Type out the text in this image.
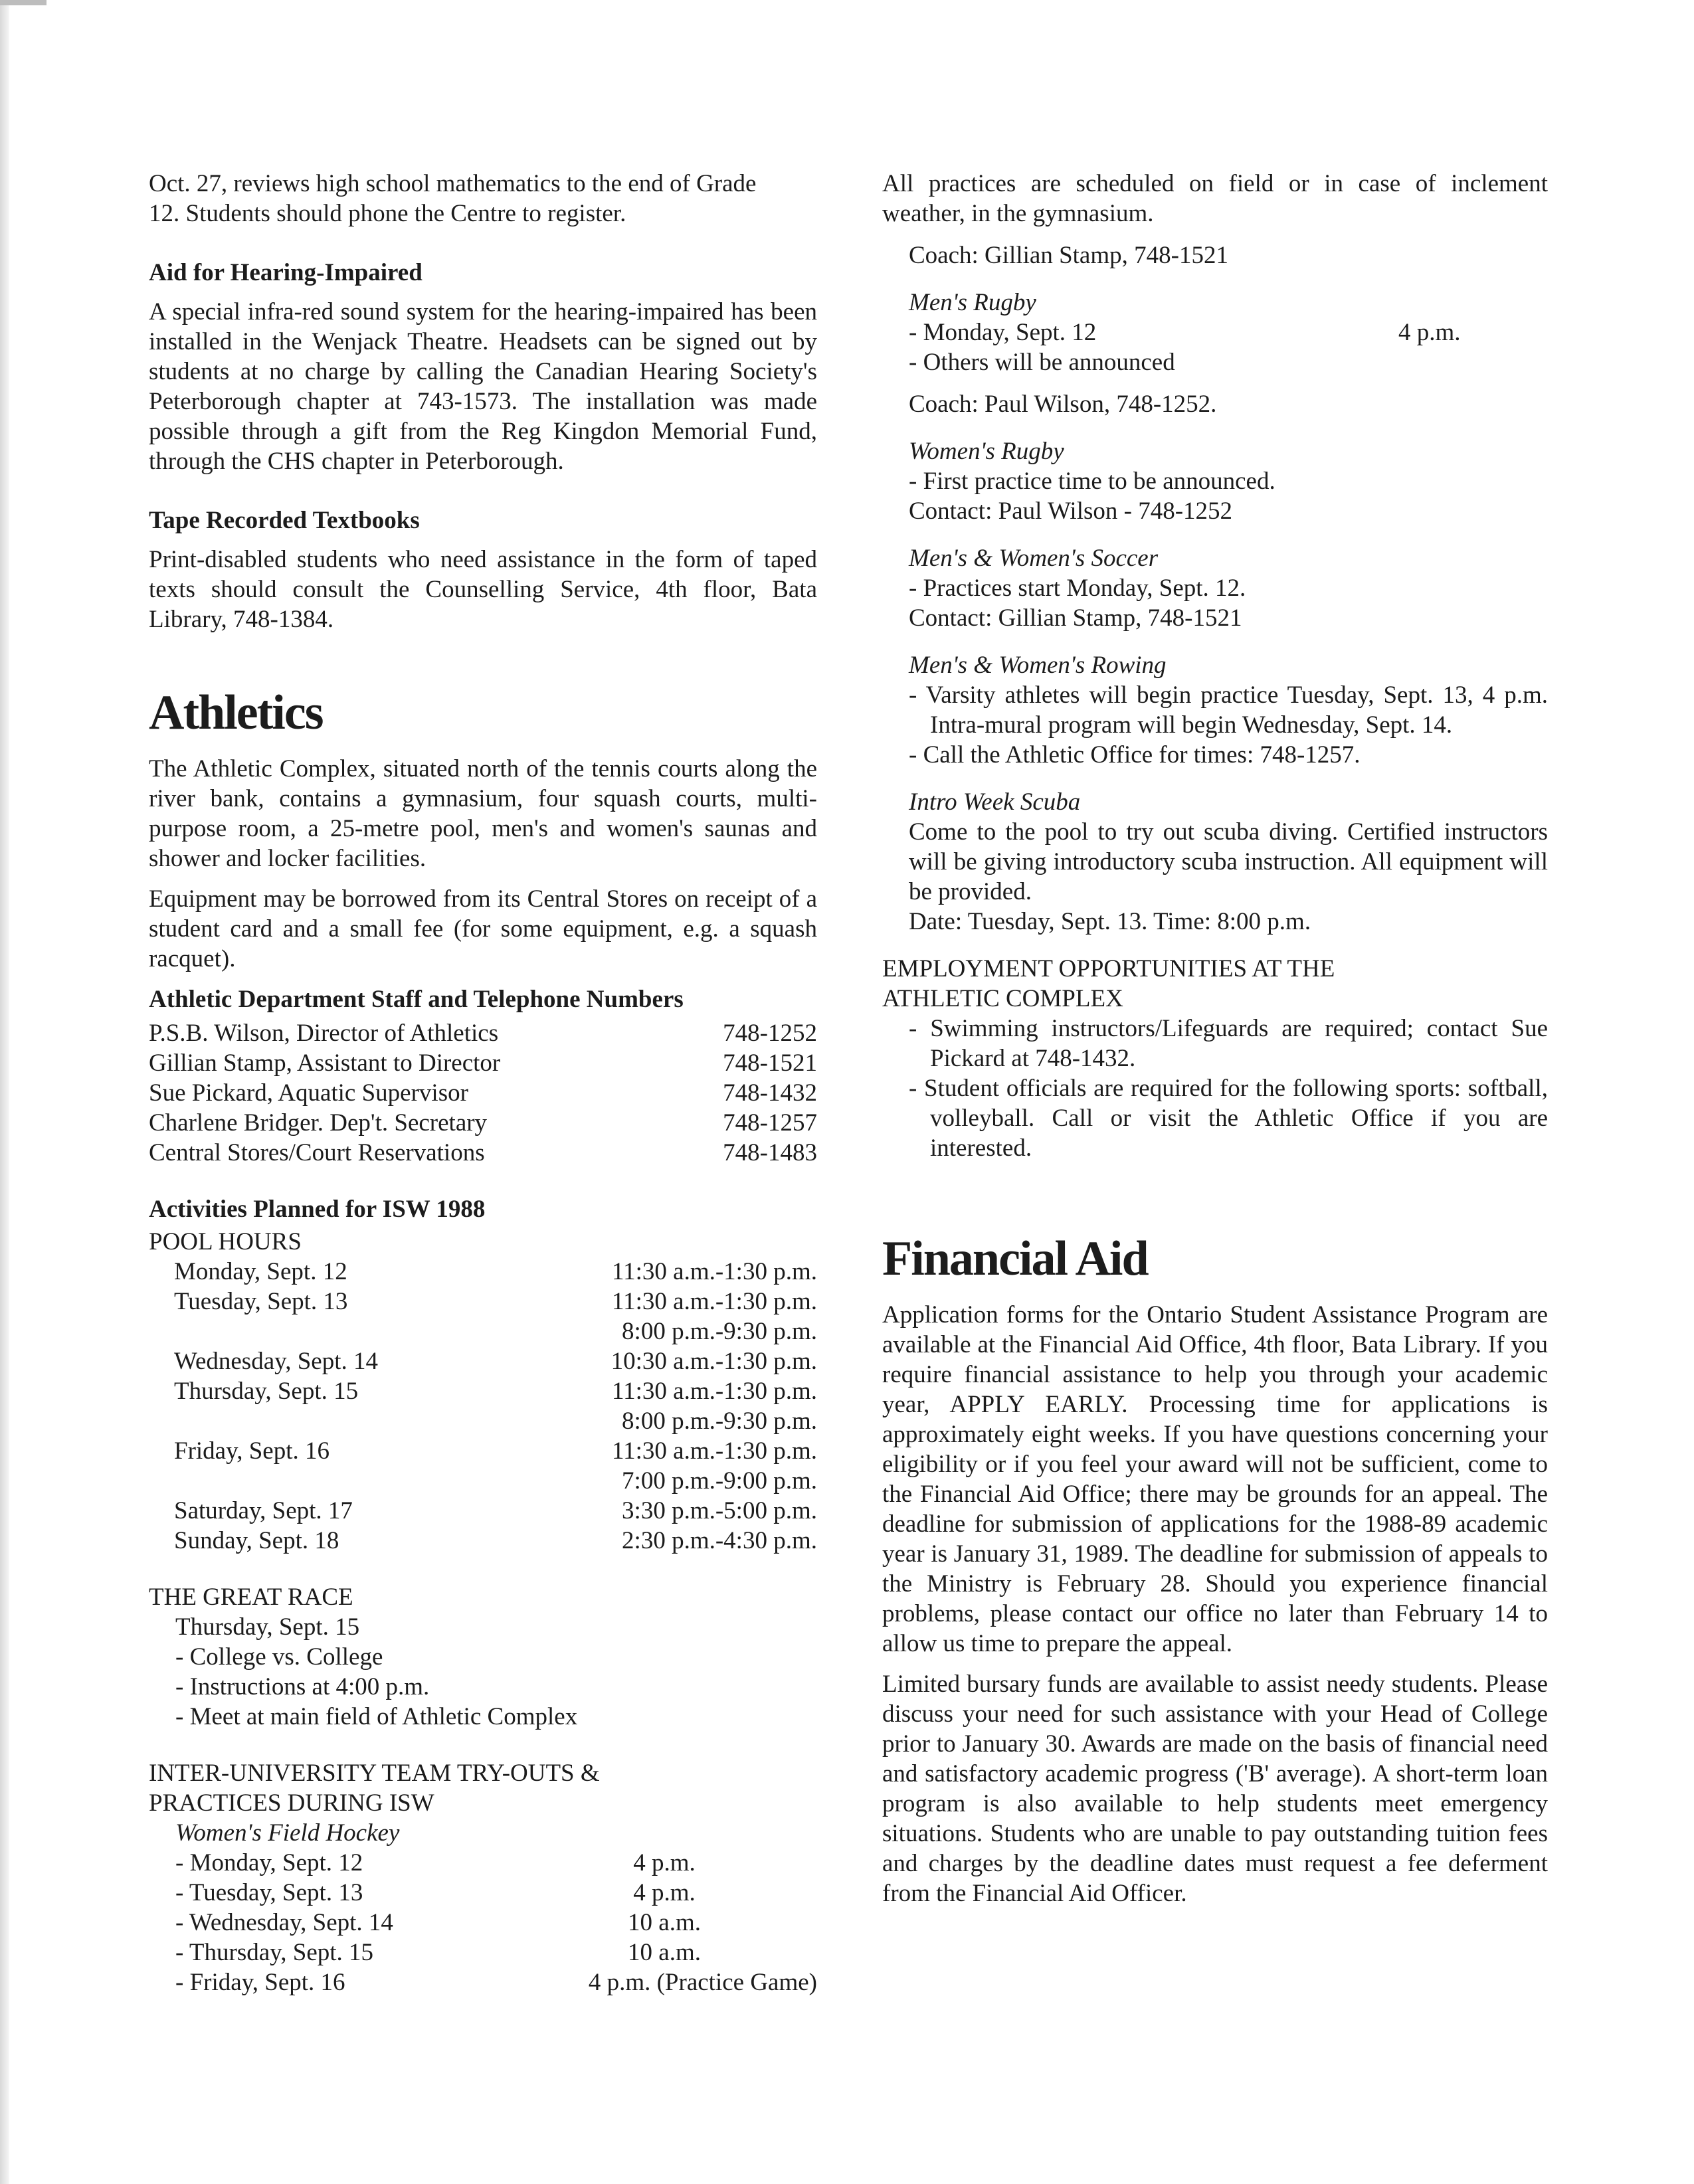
Oct. 27, reviews high school mathematics to the end of Grade

12. Students should phone the Centre to register.

Aid for Hearing-Impaired

A special infra-red sound system for the hearing-impaired has been installed in the Wenjack Theatre. Headsets can be signed out by students at no charge by calling the Canadian Hearing Society's Peterborough chapter at 743-1573. The installation was made possible through a gift from the Reg Kingdon Memorial Fund, through the CHS chapter in Peterborough.

Tape Recorded Textbooks

Print-disabled students who need assistance in the form of taped texts should consult the Counselling Service, 4th floor, Bata Library, 748-1384.

Athletics

The Athletic Complex, situated north of the tennis courts along the river bank, contains a gymnasium, four squash courts, multi-purpose room, a 25-metre pool, men's and women's saunas and shower and locker facilities.

Equipment may be borrowed from its Central Stores on receipt of a student card and a small fee (for some equipment, e.g. a squash racquet).

Athletic Department Staff and Telephone Numbers
P.S.B. Wilson, Director of Athletics	748-1252
Gillian Stamp, Assistant to Director	748-1521
Sue Pickard, Aquatic Supervisor	748-1432
Charlene Bridger. Dep't. Secretary	748-1257
Central Stores/Court Reservations	748-1483
Activities Planned for ISW 1988

POOL HOURS

Monday, Sept. 12	11:30 a.m.-1:30 p.m.
Tuesday, Sept. 13	11:30 a.m.-1:30 p.m.
8:00 p.m.-9:30 p.m.
Wednesday, Sept. 14	10:30 a.m.-1:30 p.m.
Thursday, Sept. 15	11:30 a.m.-1:30 p.m.
8:00 p.m.-9:30 p.m.
Friday, Sept. 16	11:30 a.m.-1:30 p.m.
7:00 p.m.-9:00 p.m.
Saturday, Sept. 17	3:30 p.m.-5:00 p.m.
Sunday, Sept. 18	2:30 p.m.-4:30 p.m.

THE GREAT RACE

Thursday, Sept. 15

- College vs. College

- Instructions at 4:00 p.m.

- Meet at main field of Athletic Complex

INTER-UNIVERSITY TEAM TRY-OUTS &

PRACTICES DURING ISW

Women's Field Hockey

- Monday, Sept. 12	4 p.m.
- Tuesday, Sept. 13	4 p.m.
- Wednesday, Sept. 14	10 a.m.
- Thursday, Sept. 15	10 a.m.
- Friday, Sept. 16	4 p.m. (Practice Game)

All practices are scheduled on field or in case of inclement weather, in the gymnasium.

Coach: Gillian Stamp, 748-1521

Men's Rugby

- Monday, Sept. 12	4 p.m.

- Others will be announced

Coach: Paul Wilson, 748-1252.

Women's Rugby

- First practice time to be announced.

Contact: Paul Wilson - 748-1252

Men's & Women's Soccer

- Practices start Monday, Sept. 12.

Contact: Gillian Stamp, 748-1521

Men's & Women's Rowing

- Varsity athletes will begin practice Tuesday, Sept. 13, 4 p.m. Intra-mural program will begin Wednesday, Sept. 14.

- Call the Athletic Office for times: 748-1257.

Intro Week Scuba

Come to the pool to try out scuba diving. Certified instructors will be giving introductory scuba instruction. All equipment will be provided.

Date: Tuesday, Sept. 13. Time: 8:00 p.m.

EMPLOYMENT OPPORTUNITIES AT THE

ATHLETIC COMPLEX

- Swimming instructors/Lifeguards are required; contact Sue Pickard at 748-1432.

- Student officials are required for the following sports: softball, volleyball. Call or visit the Athletic Office if you are interested.

Financial Aid

Application forms for the Ontario Student Assistance Program are available at the Financial Aid Office, 4th floor, Bata Library. If you require financial assistance to help you through your academic year, APPLY EARLY. Processing time for applications is approximately eight weeks. If you have questions concerning your eligibility or if you feel your award will not be sufficient, come to the Financial Aid Office; there may be grounds for an appeal. The deadline for submission of applications for the 1988-89 academic year is January 31, 1989. The deadline for submission of appeals to the Ministry is February 28. Should you experience financial problems, please contact our office no later than February 14 to allow us time to prepare the appeal.

Limited bursary funds are available to assist needy students. Please discuss your need for such assistance with your Head of College prior to January 30. Awards are made on the basis of financial need and satisfactory academic progress ('B' average). A short-term loan program is also available to help students meet emergency situations. Students who are unable to pay outstanding tuition fees and charges by the deadline dates must request a fee deferment from the Financial Aid Officer.
